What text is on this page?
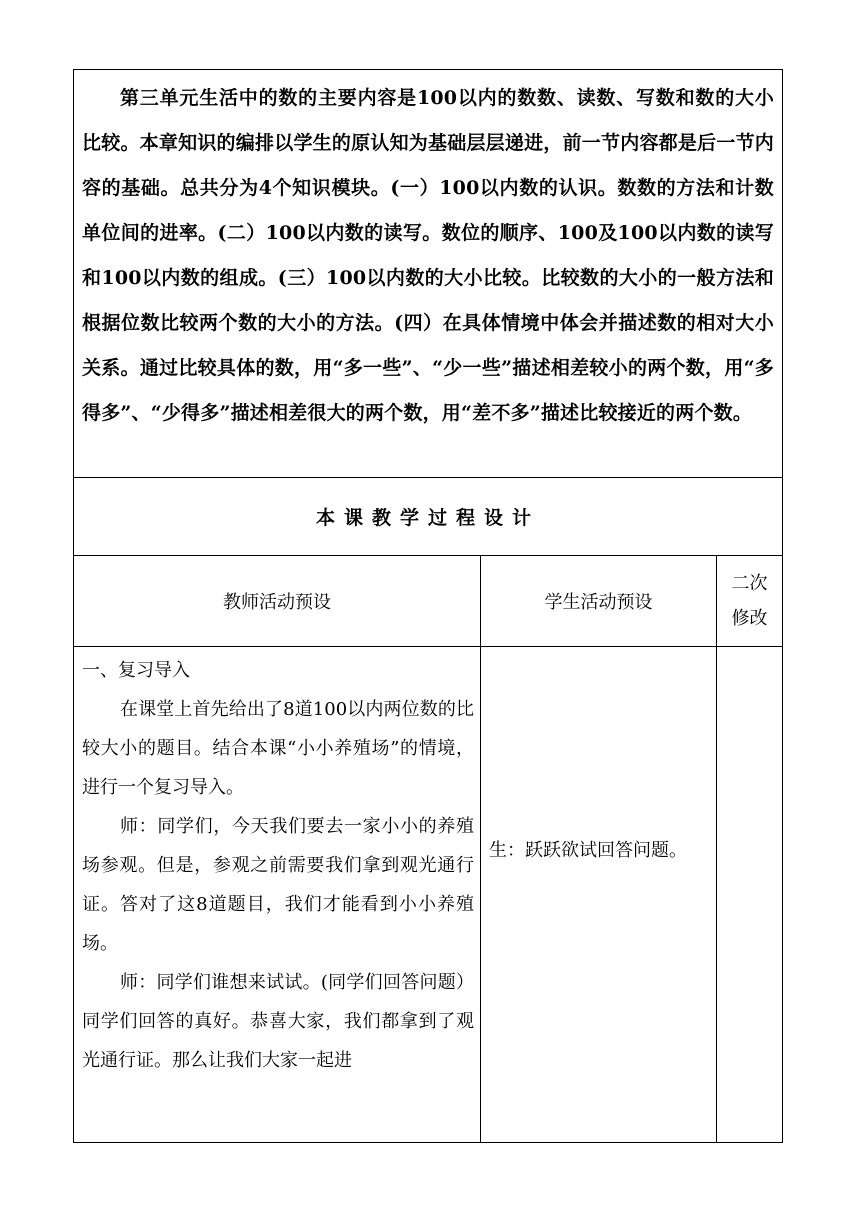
第三单元生活中的数的主要内容是100以内的数数、读数、写数和数的大小比较。本章知识的编排以学生的原认知为基础层层递进，前一节内容都是后一节内容的基础。总共分为4个知识模块。(一）100以内数的认识。数数的方法和计数单位间的进率。(二）100以内数的读写。数位的顺序、100及100以内数的读写和100以内数的组成。(三）100以内数的大小比较。比较数的大小的一般方法和根据位数比较两个数的大小的方法。(四）在具体情境中体会并描述数的相对大小关系。通过比较具体的数，用“多一些”、“少一些”描述相差较小的两个数，用“多得多”、“少得多”描述相差很大的两个数，用“差不多”描述比较接近的两个数。

本课教学过程设计
教师活动预设	学生活动预设
二次
修改

一、复习导入

在课堂上首先给出了8道100以内两位数的比较大小的题目。结合本课“小小养殖场”的情境，进行一个复习导入。

师：同学们，今天我们要去一家小小的养殖场参观。但是，参观之前需要我们拿到观光通行证。答对了这8道题目，我们才能看到小小养殖场。

师：同学们谁想来试试。(同学们回答问题）同学们回答的真好。恭喜大家，我们都拿到了观光通行证。那么让我们大家一起进

生：跃跃欲试回答问题。
